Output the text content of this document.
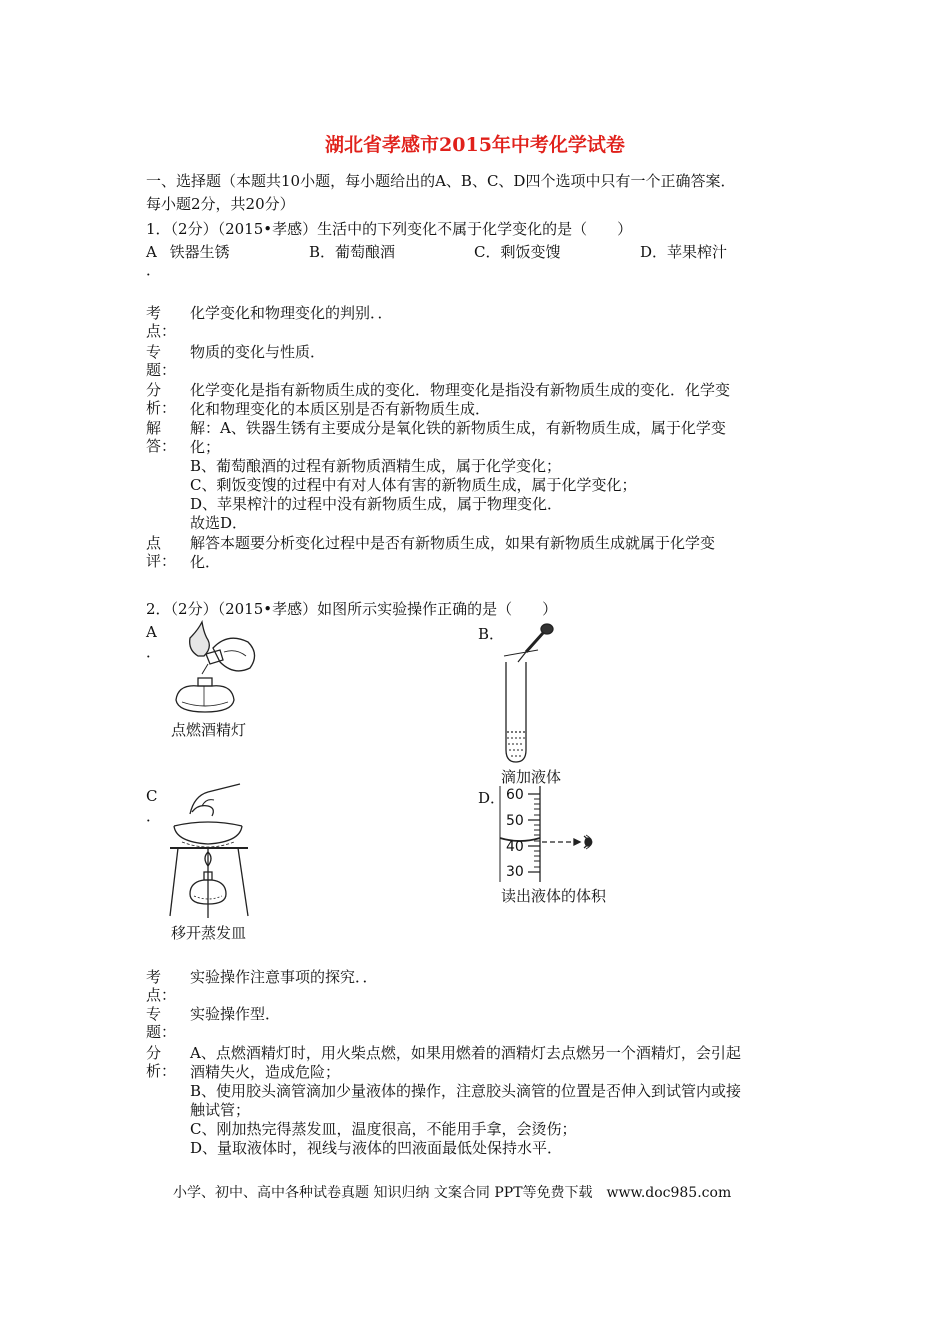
湖北省孝感市2015年中考化学试卷
一、选择题（本题共10小题，每小题给出的A、B、C、D四个选项中只有一个正确答案．
每小题2分，共20分）
1．（2分）（2015•孝感）生活中的下列变化不属于化学变化的是（　　）
A 铁器生锈
．
B．葡萄酿酒	C．剩饭变馊	D．苹果榨汁
考
点：
化学变化和物理变化的判别．．
专
题：
物质的变化与性质．
分
析：
化学变化是指有新物质生成的变化．物理变化是指没有新物质生成的变化．化学变
化和物理变化的本质区别是否有新物质生成．
解
答：
解：A、铁器生锈有主要成分是氧化铁的新物质生成，有新物质生成，属于化学变
化；
B、葡萄酿酒的过程有新物质酒精生成，属于化学变化；
C、剩饭变馊的过程中有对人体有害的新物质生成，属于化学变化；
D、苹果榨汁的过程中没有新物质生成，属于物理变化．
故选D．
点
评：
解答本题要分析变化过程中是否有新物质生成，如果有新物质生成就属于化学变
化．
2．（2分）（2015•孝感）如图所示实验操作正确的是（　　）
A
．
点燃酒精灯
B．
滴加液体
C
．
移开蒸发皿
D． 60
50
40
30
读出液体的体积
考
点：
实验操作注意事项的探究．．
专
题：
实验操作型．
分
析：
A、点燃酒精灯时，用火柴点燃，如果用燃着的酒精灯去点燃另一个酒精灯，会引起
酒精失火，造成危险；
B、使用胶头滴管滴加少量液体的操作，注意胶头滴管的位置是否伸入到试管内或接
触试管；
C、刚加热完得蒸发皿，温度很高，不能用手拿，会烫伤；
D、量取液体时，视线与液体的凹液面最低处保持水平．
小学、初中、高中各种试卷真题 知识归纳 文案合同 PPT等免费下载　www.doc985.com
